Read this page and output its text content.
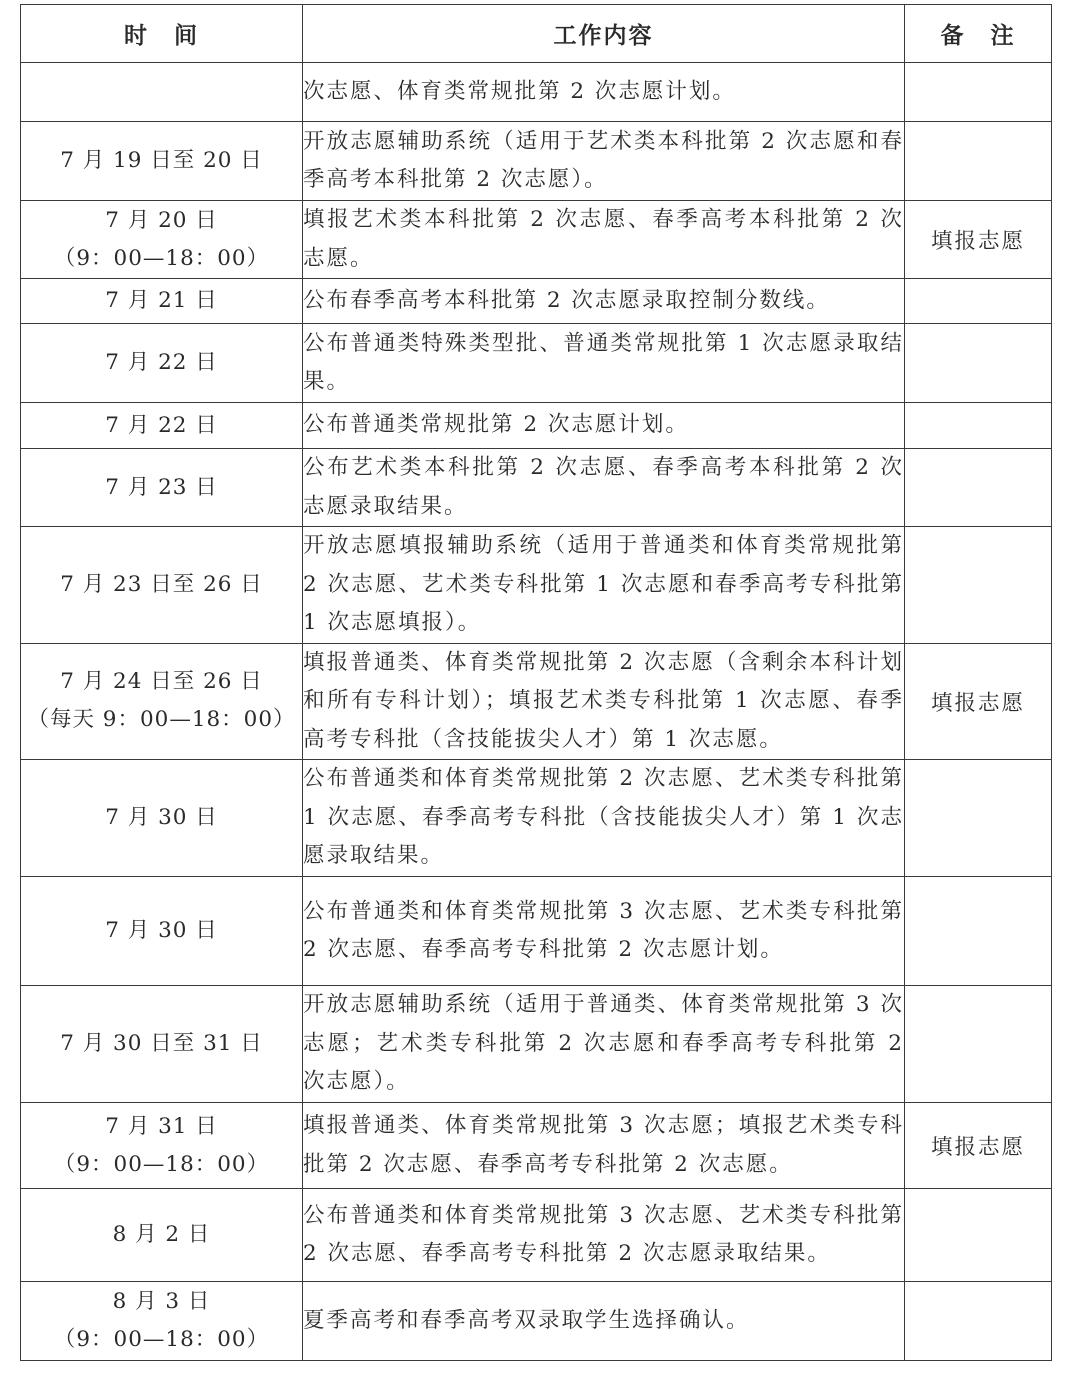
时　间	工作内容	备　注
	次志愿、体育类常规批第 2 次志愿计划。	

7 月 19 日至 20 日	开放志愿辅助系统（适用于艺术类本科批第 2 次志愿和春季高考本科批第 2 次志愿）。	

7 月 20 日
（9：00—18：00）	填报艺术类本科批第 2 次志愿、春季高考本科批第 2 次志愿。	填报志愿

7 月 21 日	公布春季高考本科批第 2 次志愿录取控制分数线。	

7 月 22 日	公布普通类特殊类型批、普通类常规批第 1 次志愿录取结果。	

7 月 22 日	公布普通类常规批第 2 次志愿计划。	

7 月 23 日	公布艺术类本科批第 2 次志愿、春季高考本科批第 2 次志愿录取结果。	

7 月 23 日至 26 日	开放志愿填报辅助系统（适用于普通类和体育类常规批第 2 次志愿、艺术类专科批第 1 次志愿和春季高考专科批第 1 次志愿填报）。	

7 月 24 日至 26 日
（每天 9：00—18：00）	填报普通类、体育类常规批第 2 次志愿（含剩余本科计划和所有专科计划）；填报艺术类专科批第 1 次志愿、春季高考专科批（含技能拔尖人才）第 1 次志愿。	填报志愿

7 月 30 日	公布普通类和体育类常规批第 2 次志愿、艺术类专科批第 1 次志愿、春季高考专科批（含技能拔尖人才）第 1 次志愿录取结果。	

7 月 30 日	公布普通类和体育类常规批第 3 次志愿、艺术类专科批第 2 次志愿、春季高考专科批第 2 次志愿计划。	

7 月 30 日至 31 日	开放志愿辅助系统（适用于普通类、体育类常规批第 3 次志愿；艺术类专科批第 2 次志愿和春季高考专科批第 2 次志愿）。	

7 月 31 日
（9：00—18：00）	填报普通类、体育类常规批第 3 次志愿；填报艺术类专科批第 2 次志愿、春季高考专科批第 2 次志愿。	填报志愿

8 月 2 日	公布普通类和体育类常规批第 3 次志愿、艺术类专科批第 2 次志愿、春季高考专科批第 2 次志愿录取结果。	

8 月 3 日
（9：00—18：00）	夏季高考和春季高考双录取学生选择确认。	
